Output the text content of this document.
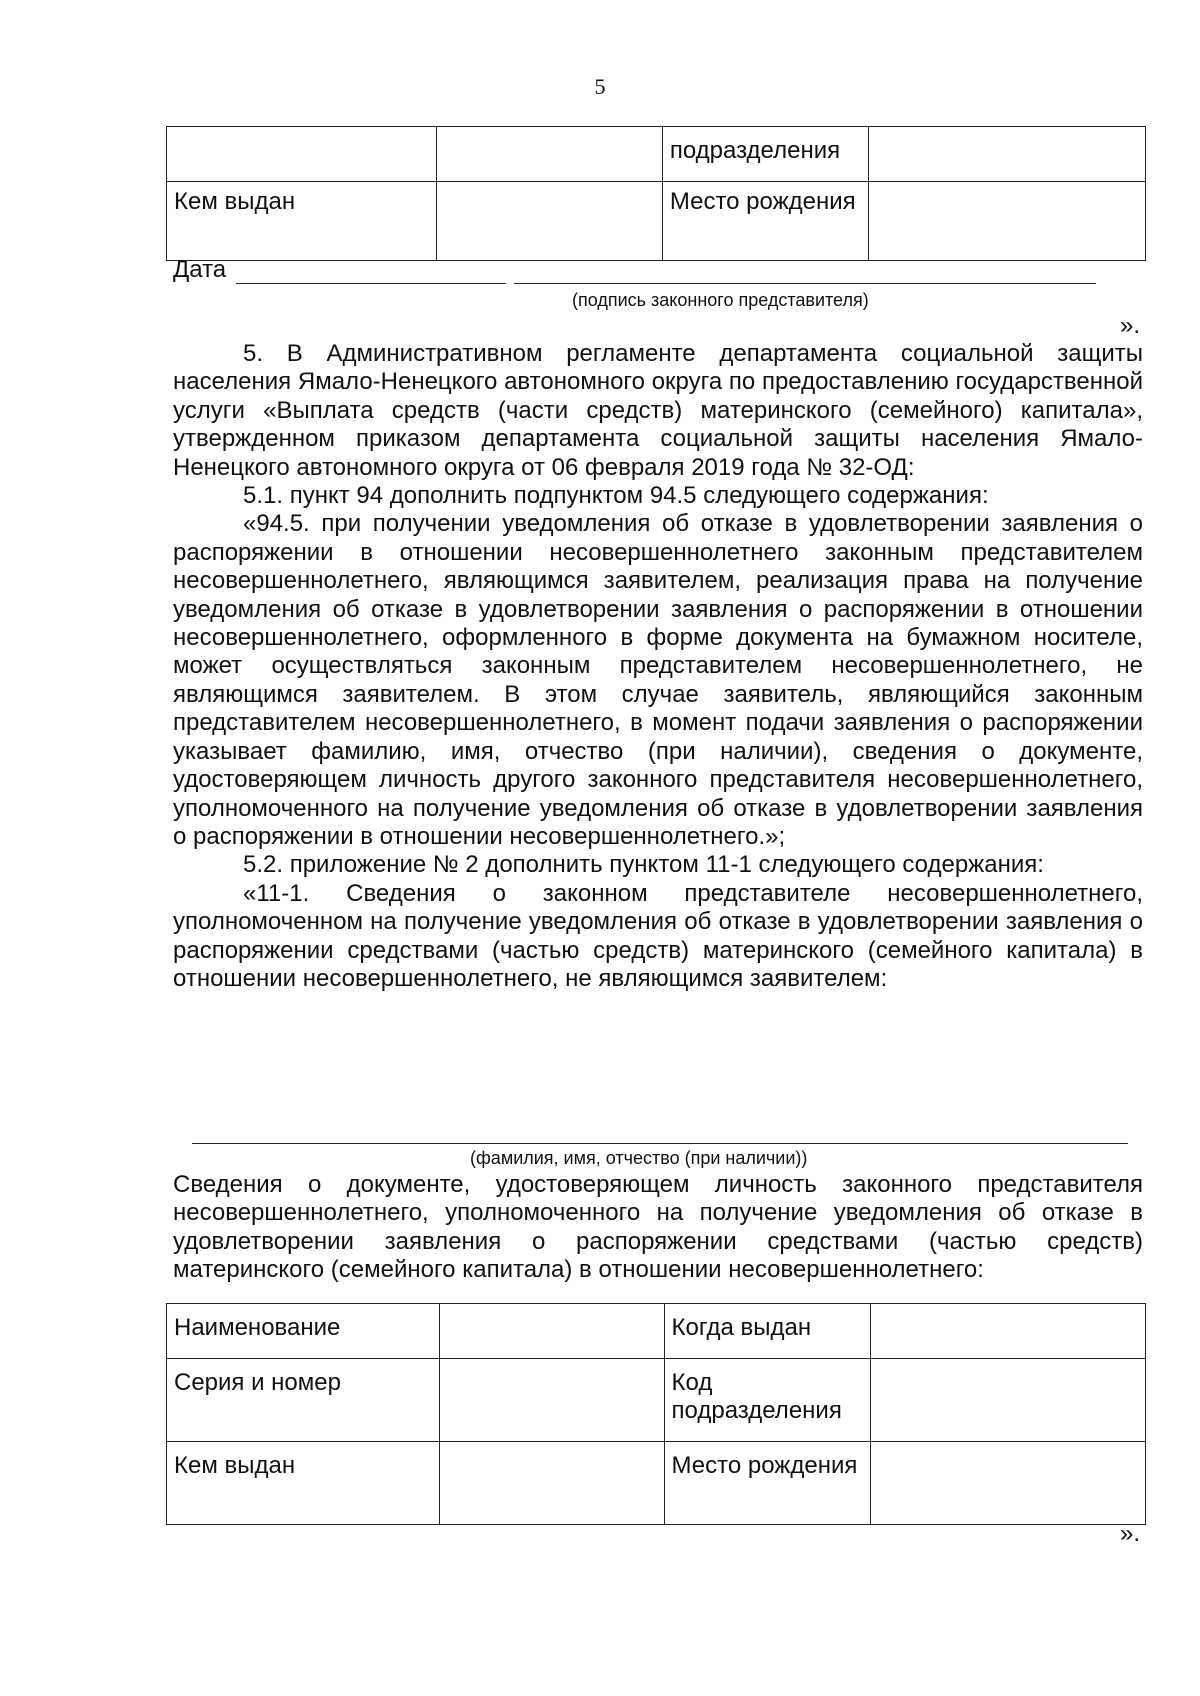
5
		подразделения	
Кем выдан		Место рождения	
Дата
(подпись законного представителя)
».

5. В Административном регламенте департамента социальной защиты населения Ямало-Ненецкого автономного округа по предоставлению государственной услуги «Выплата средств (части средств) материнского (семейного) капитала», утвержденном приказом департамента социальной защиты населения Ямало-Ненецкого автономного округа от 06 февраля 2019 года № 32-ОД:

5.1. пункт 94 дополнить подпунктом 94.5 следующего содержания:

«94.5. при получении уведомления об отказе в удовлетворении заявления о распоряжении в отношении несовершеннолетнего законным представителем несовершеннолетнего, являющимся заявителем, реализация права на получение уведомления об отказе в удовлетворении заявления о распоряжении в отношении несовершеннолетнего, оформленного в форме документа на бумажном носителе, может осуществляться законным представителем несовершеннолетнего, не являющимся заявителем. В этом случае заявитель, являющийся законным представителем несовершеннолетнего, в момент подачи заявления о распоряжении указывает фамилию, имя, отчество (при наличии), сведения о документе, удостоверяющем личность другого законного представителя несовершеннолетнего, уполномоченного на получение уведомления об отказе в удовлетворении заявления о распоряжении в отношении несовершеннолетнего.»;

5.2. приложение № 2 дополнить пунктом 11-1 следующего содержания:

«11-1. Сведения о законном представителе несовершеннолетнего, уполномоченном на получение уведомления об отказе в удовлетворении заявления о распоряжении средствами (частью средств) материнского (семейного капитала) в отношении несовершеннолетнего, не являющимся заявителем:

(фамилия, имя, отчество (при наличии))

Сведения о документе, удостоверяющем личность законного представителя несовершеннолетнего, уполномоченного на получение уведомления об отказе в удовлетворении заявления о распоряжении средствами (частью средств) материнского (семейного капитала) в отношении несовершеннолетнего:

Наименование		Когда выдан	
Серия и номер		Код подразделения	
Кем выдан		Место рождения	
».
